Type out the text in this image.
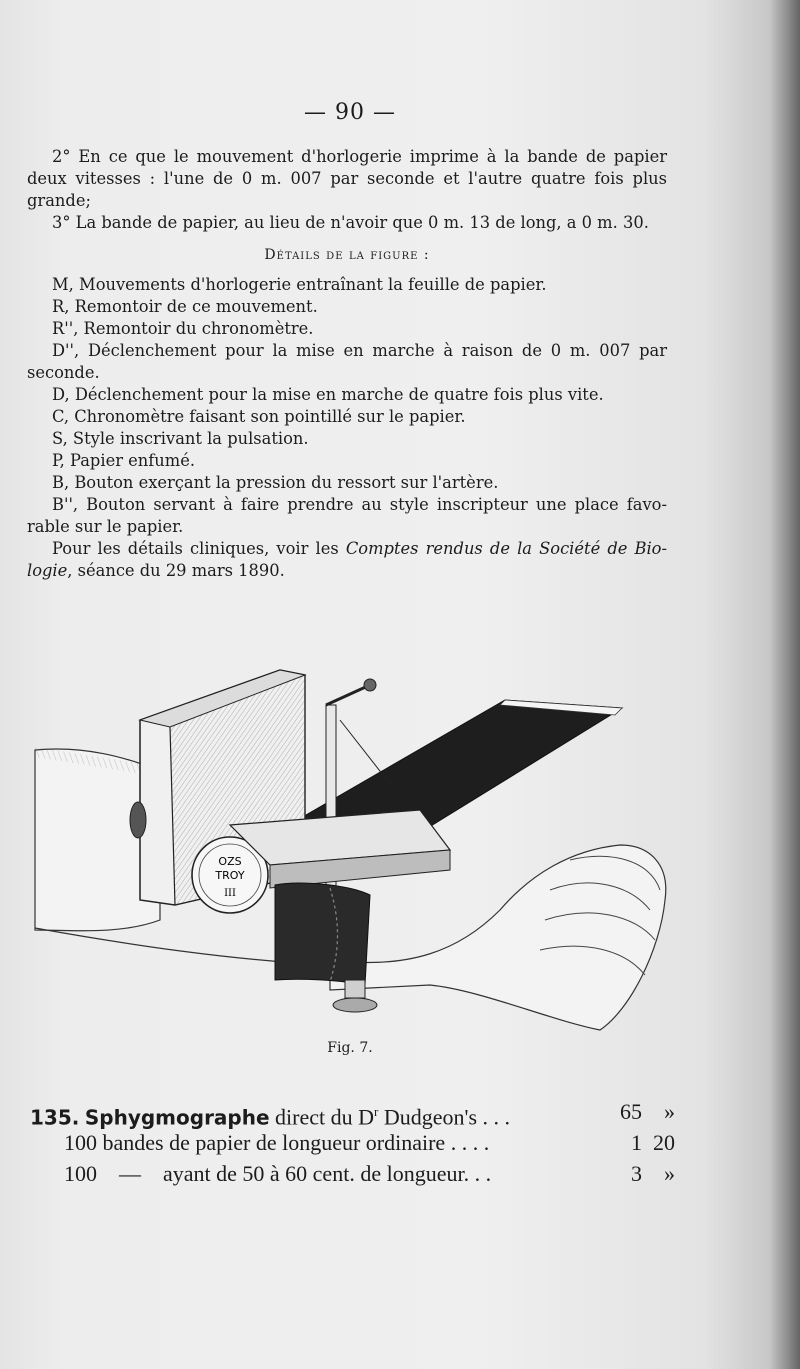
— 90 —

2° En ce que le mouvement d'horlogerie imprime à la bande de papier

deux vitesses : l'une de 0 m. 007 par seconde et l'autre quatre fois plus

grande;

3° La bande de papier, au lieu de n'avoir que 0 m. 13 de long, a 0 m. 30.

Détails de la figure :

M, Mouvements d'horlogerie entraînant la feuille de papier.

R, Remontoir de ce mouvement.

R'', Remontoir du chronomètre.

D'', Déclenchement pour la mise en marche à raison de 0 m. 007 par

seconde.

D, Déclenchement pour la mise en marche de quatre fois plus vite.

C, Chronomètre faisant son pointillé sur le papier.

S, Style inscrivant la pulsation.

P, Papier enfumé.

B, Bouton exerçant la pression du ressort sur l'artère.

B'', Bouton servant à faire prendre au style inscripteur une place favo-

rable sur le papier.

Pour les détails cliniques, voir les Comptes rendus de la Société de Bio-

logie, séance du 29 mars 1890.

OZS
TROY
III
Fig. 7.
135. Sphygmographe direct du $D^r$ Dudgeon's . . .	65	»
100 bandes de papier de longueur ordinaire . . . .	1 20
100    —    ayant de 50 à 60 cent. de longueur. . .	3	»
